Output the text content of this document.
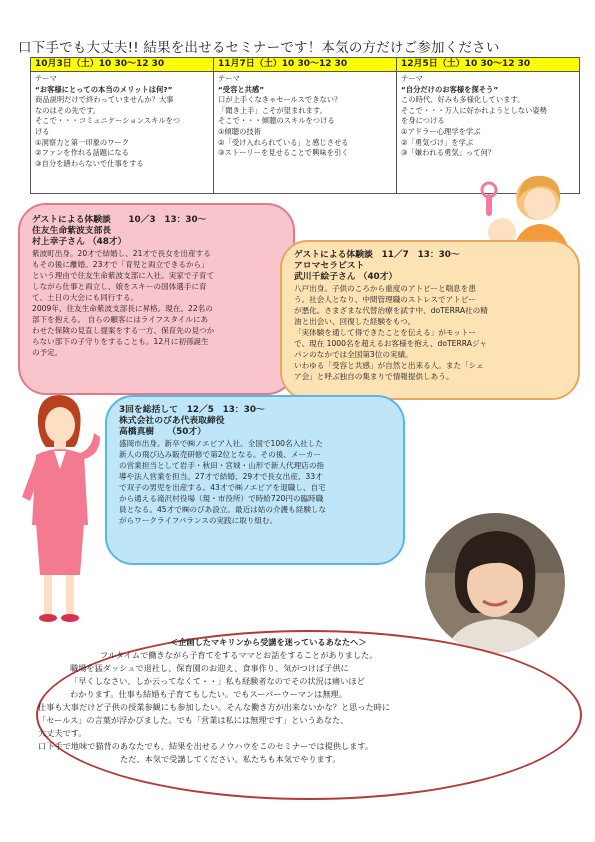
口下手でも大丈夫!! 結果を出せるセミナーです！本気の方だけご参加ください
10月3日（土）10 30〜12 30
テーマ
“お客様にとっての本当のメリットは何?”
商品説明だけで終わっていませんか？大事
なのはその先です。
そこで・・・コミュニケーションスキルをつ
ける
①洞察力と第一印象のワーク
②ファンを作れる話題になる
③自分を繕わらないで仕事をする
11月7日（土）10 30〜12 30
テーマ
“受容と共感”
口が上手くなきゃセールスできない？
「聞き上手」こそが望まれます。
そこで・・・傾聴のスキルをつける
①傾聴の技術
②「受け入れられている」と感じさせる
③ストーリーを見せることで興味を引く
12月5日（土）10 30〜12 30
テーマ
“自分だけのお客様を探そう”
この時代、好みも多様化しています。
そこで・・・万人に好かれようとしない姿勢
を身につける
①アドラー心理学を学ぶ
②「勇気づけ」を学ぶ
③「嫌われる勇気」って何？
ゲストによる体験談　　10／3　13：30〜
住友生命紫波支部長
村上幸子さん （48才）
紫波町出身。20才で結婚し、21才で長女を出産する
もその後に離婚。23才で「育児と両立できるから」
という理由で住友生命紫波支部に入社。実家で子育て
しながら仕事と両立し、娘をスキーの国体選手に育
て、土日の大会にも同行する。
2009年、住友生命紫波支部長に昇格。現在、22名の
部下を抱える。 自らの顧客にはライフスタイルにあ
わせた保険の見直し提案をする一方、保育先の見つか
らない部下の子守りをすることも。12月に初孫誕生
の予定。
ゲストによる体験談　11／7　13：30〜
アロマセラピスト
武川千絵子さん （40才）
八戸出身。子供のころから重度のアトピーと喘息を患
う。社会人となり、中間管理職のストレスでアトピー
が悪化。さまざまな代替治療を試す中、doTERRA社の精
油と出会い、回復した経験をもつ。
「実体験を通して得できたことを伝える」がモットー
で、現在 1000名を超えるお客様を抱え、doTERRAジャ
パンのなかでは全国第3位の実績。
いわゆる「受容と共感」が自然と出来る人。また「シェ
ア会」と呼ぶ独自の集まりで情報提供しあう。
3回を総括して　12／5　13：30〜
株式会社のびあ代表取締役
高橋真樹　　（50才）
盛岡市出身。新卒で㈱ノエビア入社。全国で100名入社した
新人の飛び込み販売研修で第2位となる。その後、メーカー
の営業担当として岩手・秋田・宮城・山形で新人代理店の指
導や法人営業を担当。27才で結婚、29才で長女出産、33才
で双子の男児を出産する。43才で㈱ノエビアを退職し、自宅
から通える滝沢村役場（現・市役所）で時給720円の臨時職
員となる。45才で㈱のびあ設立。最近は姑の介護も経験しな
がらワークライフバランスの実践に取り組む。
＜企画したマキリンから受講を迷っているあなたへ＞
フルタイムで働きながら子育てをするママとお話をすることがありました。
職場を猛ダッシュで退社し、保育園のお迎え、食事作り、気がつけば子供に
「早くしなさい、しか云ってなくて・・」私も経験者なのでその状況は痛いほど
わかります。仕事も結婚も子育てもしたい。でもスーパーウーマンは無理。
仕事も大事だけど子供の授業参観にも参加したい。そんな働き方が出来ないかな？と思った時に
「セールス」の言葉が浮かびました。でも「営業は私には無理です」というあなた、
大丈夫です。
口下手で地味で猫背のあなたでも、結果を出せるノウハウをこのセミナーでは提供します。
ただ、本気で受講してください。私たちも本気でやります。
